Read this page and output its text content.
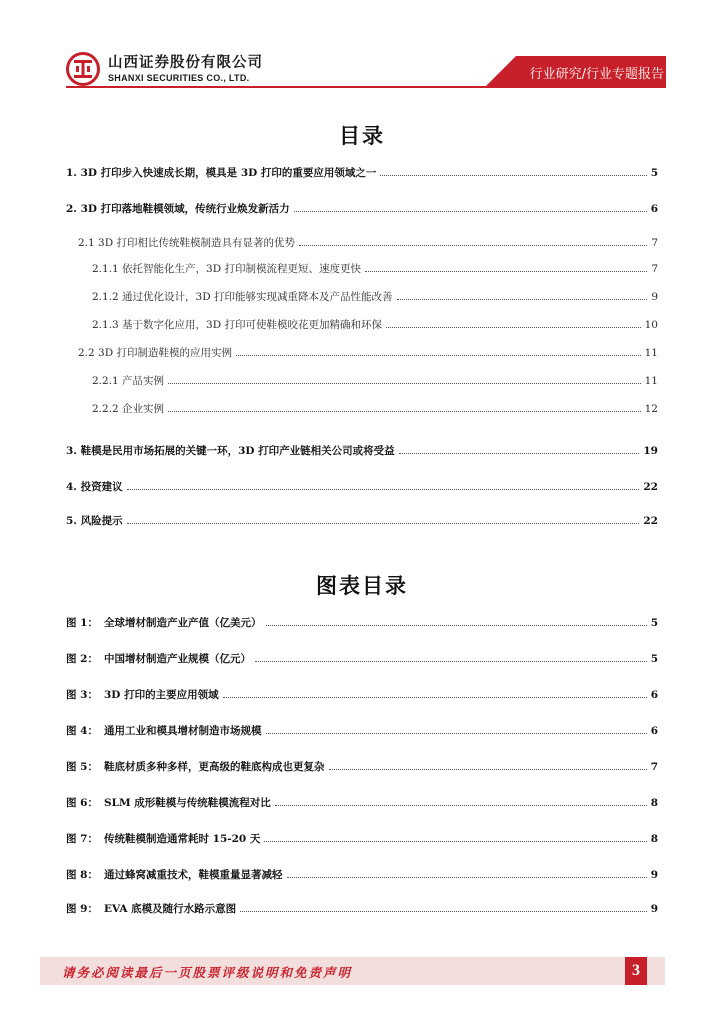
山西证券股份有限公司
SHANXI SECURITIES CO., LTD.	行业研究/行业专题报告
目录
1. 3D 打印步入快速成长期，模具是 3D 打印的重要应用领域之一	5
2. 3D 打印落地鞋模领域，传统行业焕发新活力	6
2.1 3D 打印相比传统鞋模制造具有显著的优势	7
2.1.1 依托智能化生产，3D 打印制模流程更短、速度更快	7
2.1.2 通过优化设计，3D 打印能够实现减重降本及产品性能改善	9
2.1.3 基于数字化应用，3D 打印可使鞋模咬花更加精确和环保	10
2.2 3D 打印制造鞋模的应用实例	11
2.2.1 产品实例	11
2.2.2 企业实例	12
3. 鞋模是民用市场拓展的关键一环，3D 打印产业链相关公司或将受益	19
4. 投资建议	22
5. 风险提示	22
图表目录
图 1： 全球增材制造产业产值（亿美元）	5
图 2： 中国增材制造产业规模（亿元）	5
图 3： 3D 打印的主要应用领域	6
图 4： 通用工业和模具增材制造市场规模	6
图 5： 鞋底材质多种多样，更高级的鞋底构成也更复杂	7
图 6： SLM 成形鞋模与传统鞋模流程对比	8
图 7： 传统鞋模制造通常耗时 15-20 天	8
图 8： 通过蜂窝减重技术，鞋模重量显著减轻	9
图 9： EVA 底模及随行水路示意图	9
请务必阅读最后一页股票评级说明和免责声明	3
